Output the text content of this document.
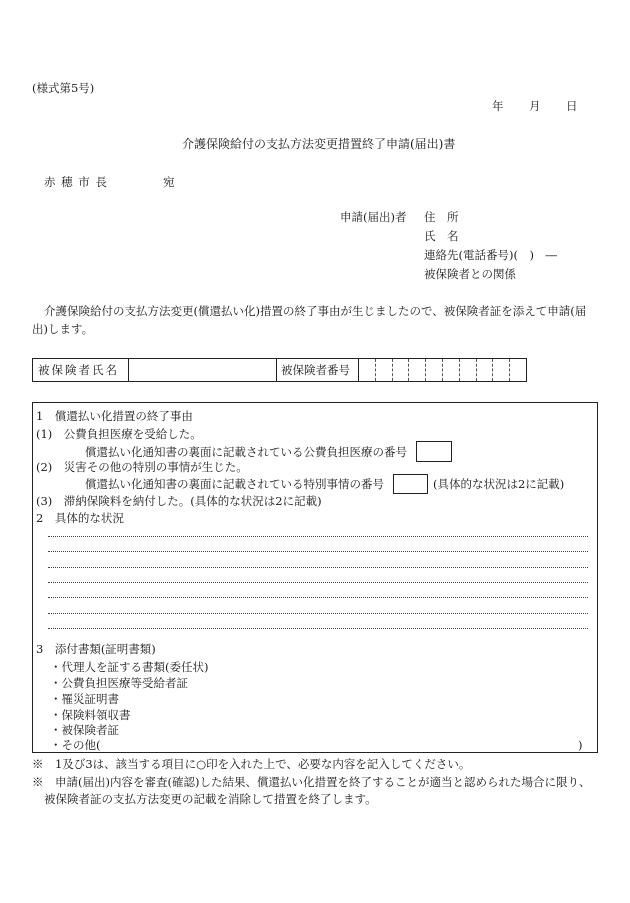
(様式第5号)
年 月 日
介護保険給付の支払方法変更措置終了申請(届出)書
赤 穂 市 長	宛
申請(届出)者 住　所
氏　名
連絡先(電話番号)(　)　―
被保険者との関係
介護保険給付の支払方法変更(償還払い化)措置の終了事由が生じましたので、被保険者証を添えて申請(届
出)します。
被保険者氏名	被保険者番号
1　償還払い化措置の終了事由
(1)　公費負担医療を受給した。
償還払い化通知書の裏面に記載されている公費負担医療の番号
(2)　災害その他の特別の事情が生じた。
償還払い化通知書の裏面に記載されている特別事情の番号	(具体的な状況は2に記載)
(3)　滞納保険料を納付した。(具体的な状況は2に記載)
2　具体的な状況
3　添付書類(証明書類)
・代理人を証する書類(委任状)
・公費負担医療等受給者証
・罹災証明書
・保険料領収書
・被保険者証
・その他(	)
※　1及び3は、該当する項目に○印を入れた上で、必要な内容を記入してください。
※　申請(届出)内容を審査(確認)した結果、償還払い化措置を終了することが適当と認められた場合に限り、
被保険者証の支払方法変更の記載を消除して措置を終了します。
